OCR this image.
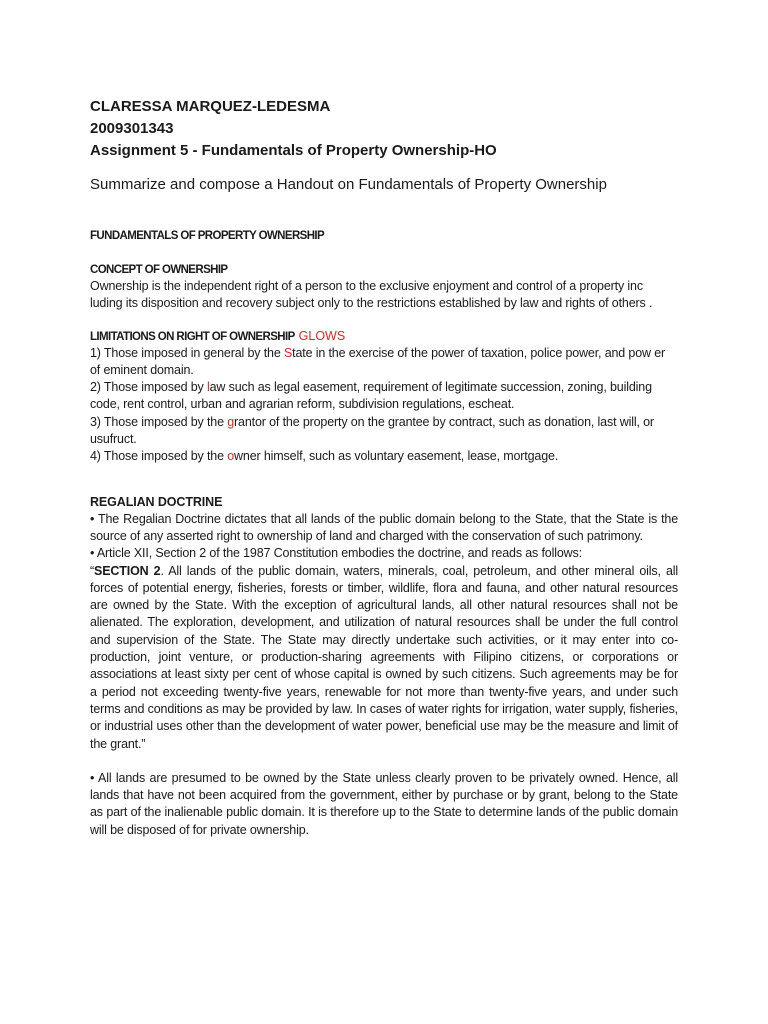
CLARESSA MARQUEZ-LEDESMA

2009301343

Assignment 5 - Fundamentals of Property Ownership-HO

Summarize and compose a Handout on Fundamentals of Property Ownership

FUNDAMENTALS OF PROPERTY OWNERSHIP

CONCEPT OF OWNERSHIP

Ownership is the independent right of a person to the exclusive enjoyment and control of a property inc luding its disposition and recovery subject only to the restrictions established by law and rights of others .

LIMITATIONS ON RIGHT OF OWNERSHIP GLOWS

1) Those imposed in general by the State in the exercise of the power of taxation, police power, and pow er of eminent domain.

2) Those imposed by law such as legal easement, requirement of legitimate succession, zoning, building code, rent control, urban and agrarian reform, subdivision regulations, escheat.

3) Those imposed by the grantor of the property on the grantee by contract, such as donation, last will, or usufruct.

4) Those imposed by the owner himself, such as voluntary easement, lease, mortgage.

REGALIAN DOCTRINE

• The Regalian Doctrine dictates that all lands of the public domain belong to the State, that the State is the source of any asserted right to ownership of land and charged with the conservation of such patrimony.

• Article XII, Section 2 of the 1987 Constitution embodies the doctrine, and reads as follows:

“SECTION 2. All lands of the public domain, waters, minerals, coal, petroleum, and other mineral oils, all forces of potential energy, fisheries, forests or timber, wildlife, flora and fauna, and other natural resources are owned by the State. With the exception of agricultural lands, all other natural resources shall not be alienated. The exploration, development, and utilization of natural resources shall be under the full control and supervision of the State. The State may directly undertake such activities, or it may enter into co-production, joint venture, or production-sharing agreements with Filipino citizens, or corporations or associations at least sixty per cent of whose capital is owned by such citizens. Such agreements may be for a period not exceeding twenty-five years, renewable for not more than twenty-five years, and under such terms and conditions as may be provided by law. In cases of water rights for irrigation, water supply, fisheries, or industrial uses other than the development of water power, beneficial use may be the measure and limit of the grant.”

• All lands are presumed to be owned by the State unless clearly proven to be privately owned. Hence, all lands that have not been acquired from the government, either by purchase or by grant, belong to the State as part of the inalienable public domain. It is therefore up to the State to determine lands of the public domain will be disposed of for private ownership.
